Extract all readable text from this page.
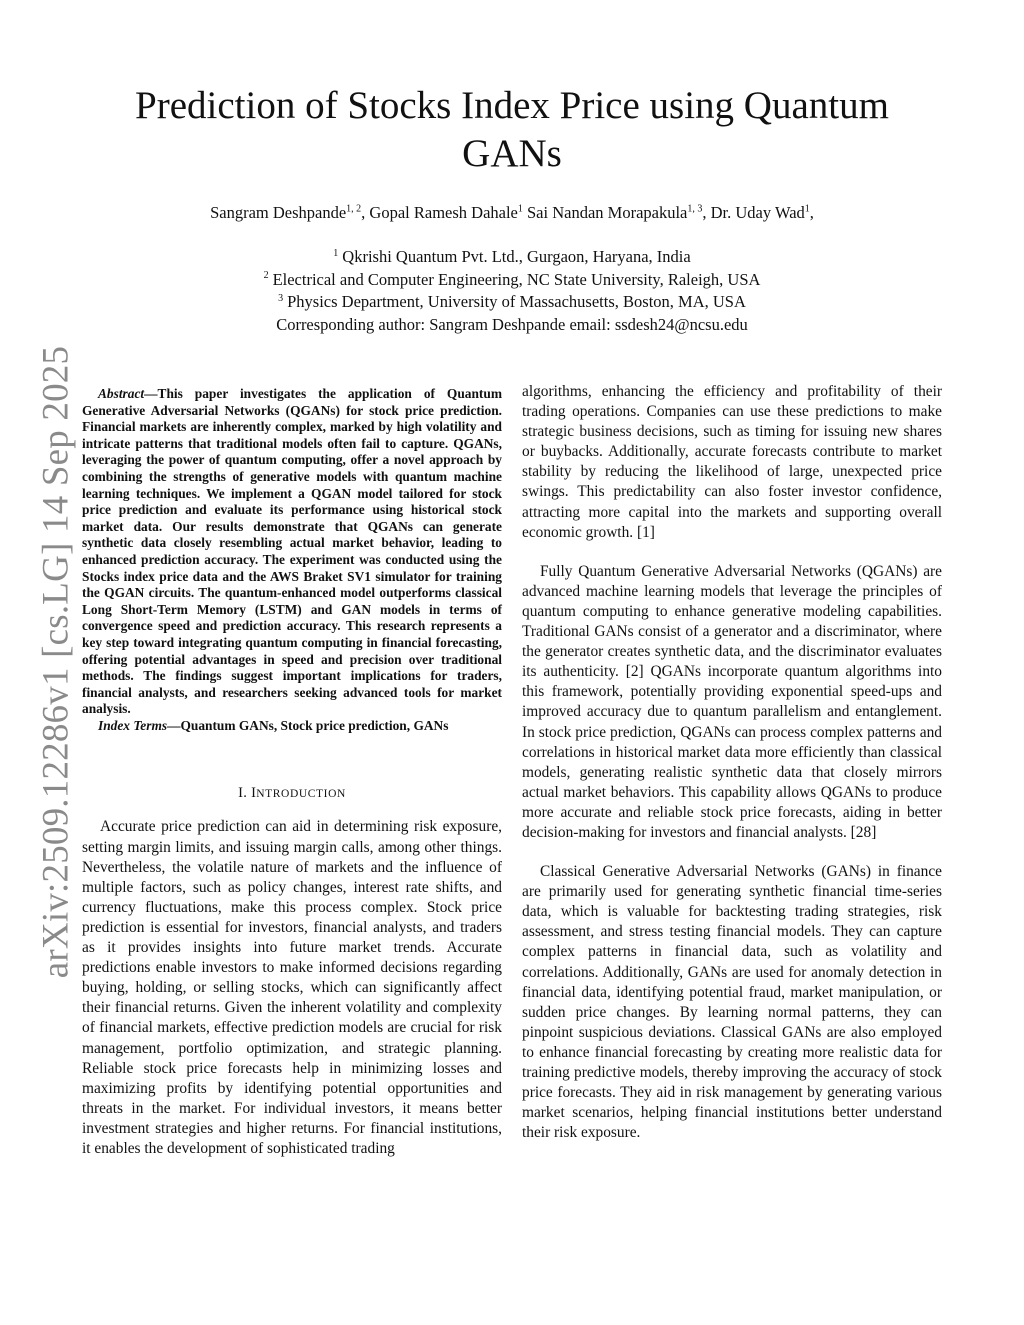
Prediction of Stocks Index Price using Quantum GANs
Sangram Deshpande$^{1, 2}$, Gopal Ramesh Dahale$^1$ Sai Nandan Morapakula$^{1, 3}$, Dr. Uday Wad$^1$,
$^1$ Qkrishi Quantum Pvt. Ltd., Gurgaon, Haryana, India
$^2$ Electrical and Computer Engineering, NC State University, Raleigh, USA
$^3$ Physics Department, University of Massachusetts, Boston, MA, USA
Corresponding author: Sangram Deshpande email: ssdesh24@ncsu.edu
arXiv:2509.12286v1 [cs.LG] 14 Sep 2025	Abstract—This paper investigates the application of Quantum Generative Adversarial Networks (QGANs) for stock price prediction. Financial markets are inherently complex, marked by high volatility and intricate patterns that traditional models often fail to capture. QGANs, leveraging the power of quantum computing, offer a novel approach by combining the strengths of generative models with quantum machine learning techniques. We implement a QGAN model tailored for stock price prediction and evaluate its performance using historical stock market data. Our results demonstrate that QGANs can generate synthetic data closely resembling actual market behavior, leading to enhanced prediction accuracy. The experiment was conducted using the Stocks index price data and the AWS Braket SV1 simulator for training the QGAN circuits. The quantum-enhanced model outperforms classical Long Short-Term Memory (LSTM) and GAN models in terms of convergence speed and prediction accuracy. This research represents a key step toward integrating quantum computing in financial forecasting, offering potential advantages in speed and precision over traditional methods. The findings suggest important implications for traders, financial analysts, and researchers seeking advanced tools for market analysis.

Index Terms—Quantum GANs, Stock price prediction, GANs

I. INTRODUCTION

Accurate price prediction can aid in determining risk exposure, setting margin limits, and issuing margin calls, among other things. Nevertheless, the volatile nature of markets and the influence of multiple factors, such as policy changes, interest rate shifts, and currency fluctuations, make this process complex. Stock price prediction is essential for investors, financial analysts, and traders as it provides insights into future market trends. Accurate predictions enable investors to make informed decisions regarding buying, holding, or selling stocks, which can significantly affect their financial returns. Given the inherent volatility and complexity of financial markets, effective prediction models are crucial for risk management, portfolio optimization, and strategic planning. Reliable stock price forecasts help in minimizing losses and maximizing profits by identifying potential opportunities and threats in the market. For individual investors, it means better investment strategies and higher returns. For financial institutions, it enables the development of sophisticated trading

algorithms, enhancing the efficiency and profitability of their trading operations. Companies can use these predictions to make strategic business decisions, such as timing for issuing new shares or buybacks. Additionally, accurate forecasts contribute to market stability by reducing the likelihood of large, unexpected price swings. This predictability can also foster investor confidence, attracting more capital into the markets and supporting overall economic growth. [1]

Fully Quantum Generative Adversarial Networks (QGANs) are advanced machine learning models that leverage the principles of quantum computing to enhance generative modeling capabilities. Traditional GANs consist of a generator and a discriminator, where the generator creates synthetic data, and the discriminator evaluates its authenticity. [2] QGANs incorporate quantum algorithms into this framework, potentially providing exponential speed-ups and improved accuracy due to quantum parallelism and entanglement. In stock price prediction, QGANs can process complex patterns and correlations in historical market data more efficiently than classical models, generating realistic synthetic data that closely mirrors actual market behaviors. This capability allows QGANs to produce more accurate and reliable stock price forecasts, aiding in better decision-making for investors and financial analysts. [28]

Classical Generative Adversarial Networks (GANs) in finance are primarily used for generating synthetic financial time-series data, which is valuable for backtesting trading strategies, risk assessment, and stress testing financial models. They can capture complex patterns in financial data, such as volatility and correlations. Additionally, GANs are used for anomaly detection in financial data, identifying potential fraud, market manipulation, or sudden price changes. By learning normal patterns, they can pinpoint suspicious deviations. Classical GANs are also employed to enhance financial forecasting by creating more realistic data for training predictive models, thereby improving the accuracy of stock price forecasts. They aid in risk management by generating various market scenarios, helping financial institutions better understand their risk exposure.
